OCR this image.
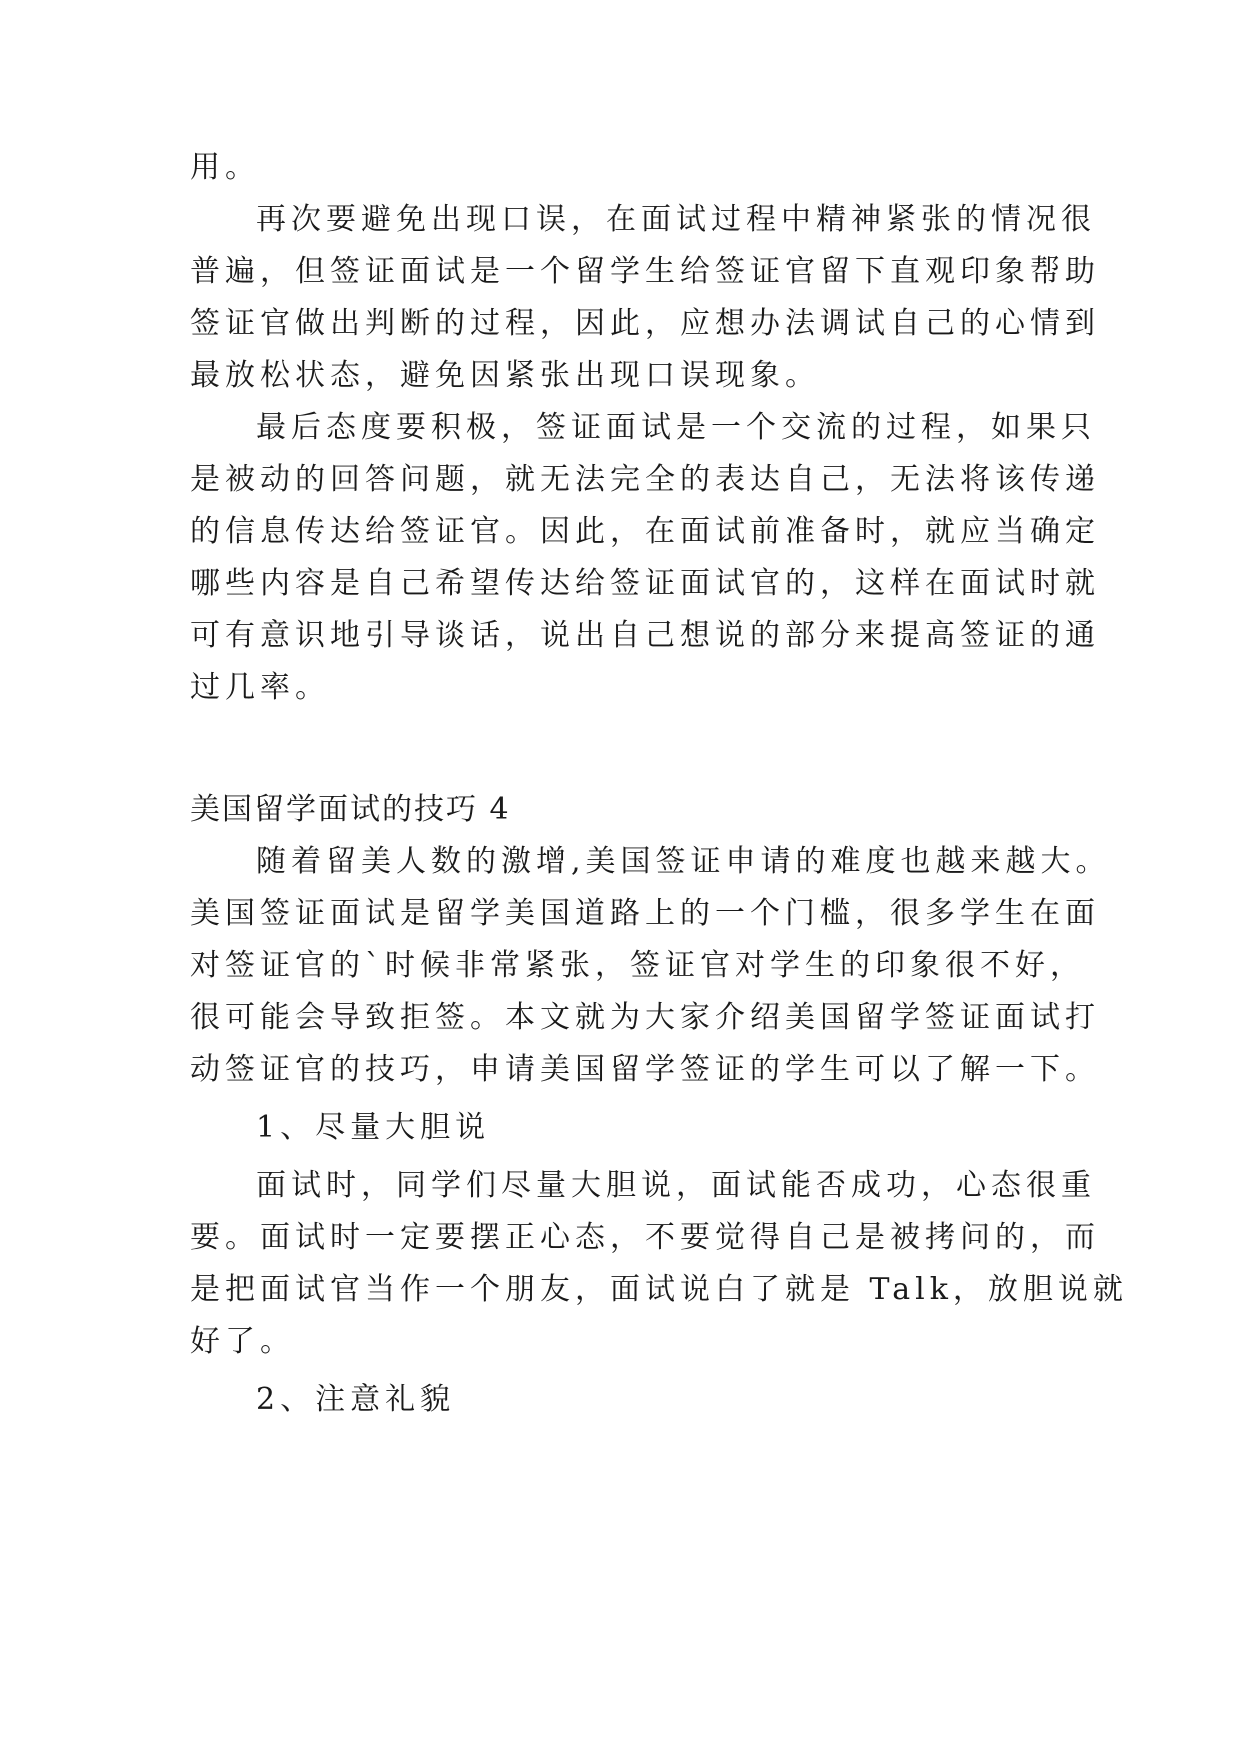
用。
再次要避免出现口误，在面试过程中精神紧张的情况很
普遍，但签证面试是一个留学生给签证官留下直观印象帮助
签证官做出判断的过程，因此，应想办法调试自己的心情到
最放松状态，避免因紧张出现口误现象。
最后态度要积极，签证面试是一个交流的过程，如果只
是被动的回答问题，就无法完全的表达自己，无法将该传递
的信息传达给签证官。因此，在面试前准备时，就应当确定
哪些内容是自己希望传达给签证面试官的，这样在面试时就
可有意识地引导谈话，说出自己想说的部分来提高签证的通
过几率。
美国留学面试的技巧 4
随着留美人数的激增,美国签证申请的难度也越来越大。
美国签证面试是留学美国道路上的一个门槛，很多学生在面
对签证官的`时候非常紧张，签证官对学生的印象很不好，
很可能会导致拒签。本文就为大家介绍美国留学签证面试打
动签证官的技巧，申请美国留学签证的学生可以了解一下。
1、尽量大胆说
面试时，同学们尽量大胆说，面试能否成功，心态很重
要。面试时一定要摆正心态，不要觉得自己是被拷问的，而
是把面试官当作一个朋友，面试说白了就是 Talk，放胆说就
好了。
2、注意礼貌
